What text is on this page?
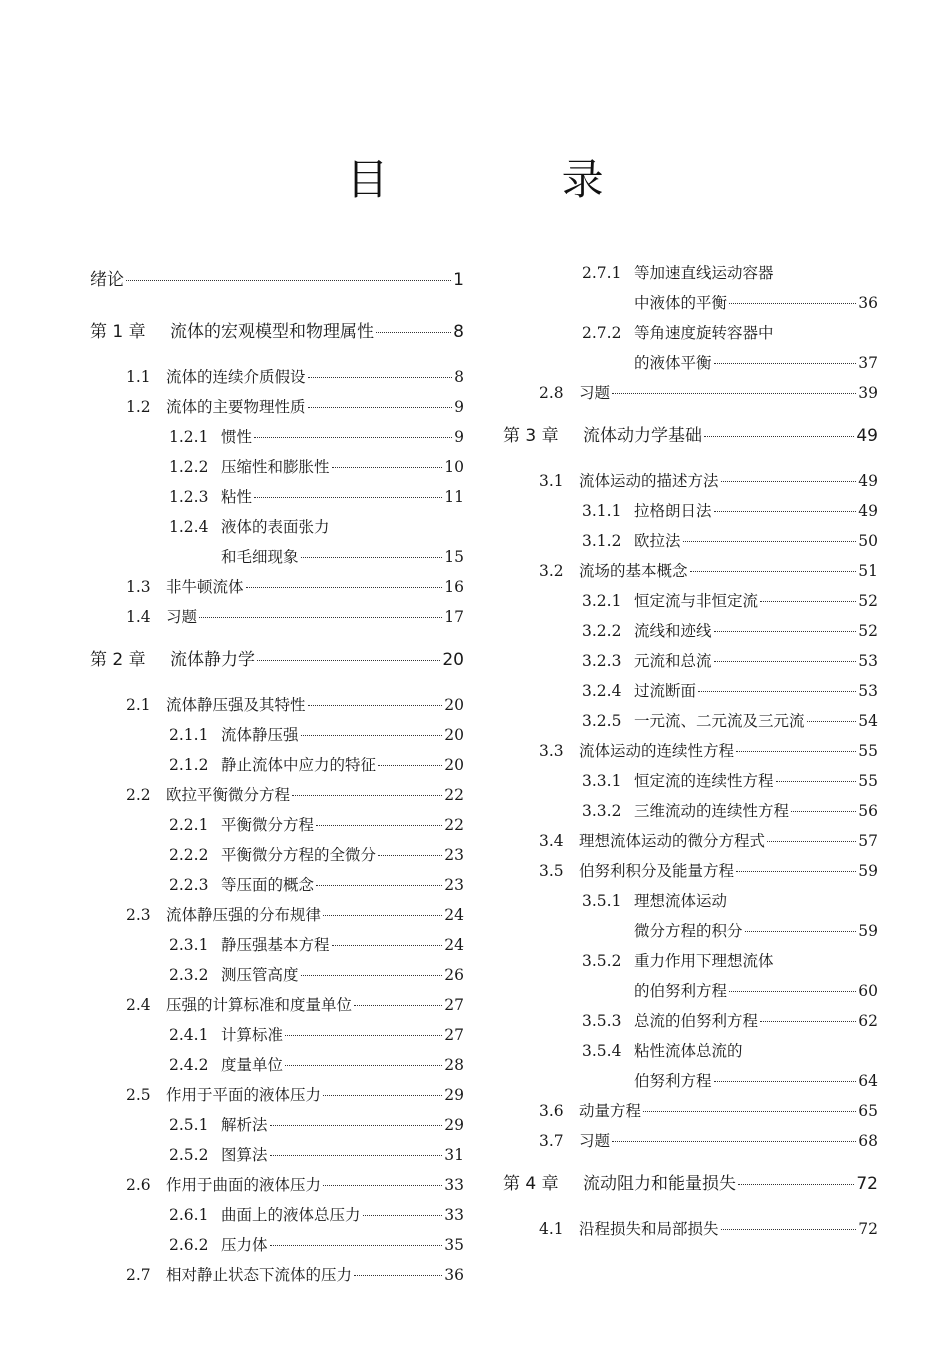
目 录
绪论	1
第 1 章	流体的宏观模型和物理属性	8
1.1 流体的连续介质假设	8
1.2 流体的主要物理性质	9
1.2.1 惯性	9
1.2.2 压缩性和膨胀性	10
1.2.3 粘性	11
1.2.4 液体的表面张力
和毛细现象	15
1.3 非牛顿流体	16
1.4 习题	17
第 2 章	流体静力学	20
2.1 流体静压强及其特性	20
2.1.1 流体静压强	20
2.1.2 静止流体中应力的特征	20
2.2 欧拉平衡微分方程	22
2.2.1 平衡微分方程	22
2.2.2 平衡微分方程的全微分	23
2.2.3 等压面的概念	23
2.3 流体静压强的分布规律	24
2.3.1 静压强基本方程	24
2.3.2 测压管高度	26
2.4 压强的计算标准和度量单位	27
2.4.1 计算标准	27
2.4.2 度量单位	28
2.5 作用于平面的液体压力	29
2.5.1 解析法	29
2.5.2 图算法	31
2.6 作用于曲面的液体压力	33
2.6.1 曲面上的液体总压力	33
2.6.2 压力体	35
2.7 相对静止状态下流体的压力	36
2.7.1 等加速直线运动容器
中液体的平衡	36
2.7.2 等角速度旋转容器中
的液体平衡	37
2.8 习题	39
第 3 章	流体动力学基础	49
3.1 流体运动的描述方法	49
3.1.1 拉格朗日法	49
3.1.2 欧拉法	50
3.2 流场的基本概念	51
3.2.1 恒定流与非恒定流	52
3.2.2 流线和迹线	52
3.2.3 元流和总流	53
3.2.4 过流断面	53
3.2.5 一元流、二元流及三元流	54
3.3 流体运动的连续性方程	55
3.3.1 恒定流的连续性方程	55
3.3.2 三维流动的连续性方程	56
3.4 理想流体运动的微分方程式	57
3.5 伯努利积分及能量方程	59
3.5.1 理想流体运动
微分方程的积分	59
3.5.2 重力作用下理想流体
的伯努利方程	60
3.5.3 总流的伯努利方程	62
3.5.4 粘性流体总流的
伯努利方程	64
3.6 动量方程	65
3.7 习题	68
第 4 章	流动阻力和能量损失	72
4.1 沿程损失和局部损失	72
